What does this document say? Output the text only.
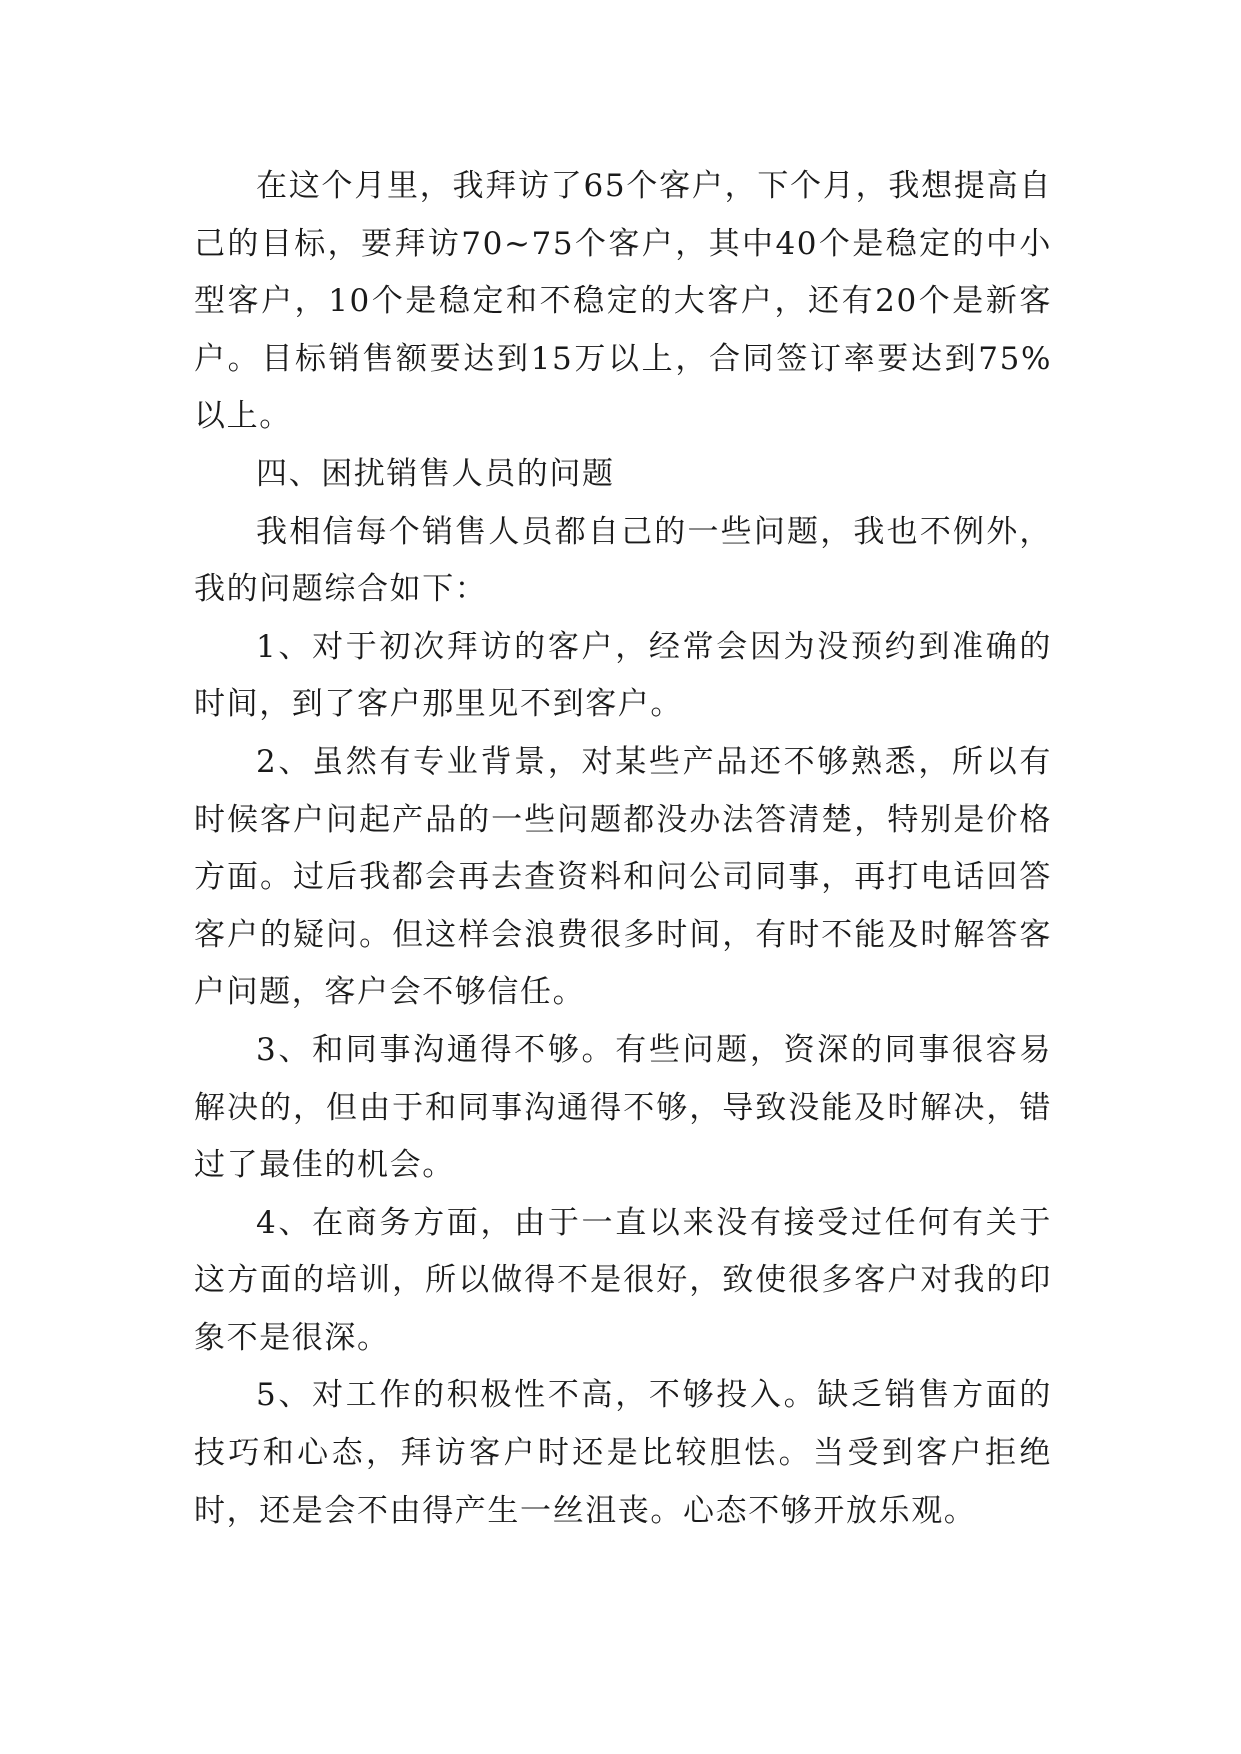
在这个月里，我拜访了65个客户，下个月，我想提高自己的目标，要拜访70~75个客户，其中40个是稳定的中小型客户，10个是稳定和不稳定的大客户，还有20个是新客户。目标销售额要达到15万以上，合同签订率要达到75%以上。

四、困扰销售人员的问题

我相信每个销售人员都自己的一些问题，我也不例外，我的问题综合如下：

1、对于初次拜访的客户，经常会因为没预约到准确的时间，到了客户那里见不到客户。

2、虽然有专业背景，对某些产品还不够熟悉，所以有时候客户问起产品的一些问题都没办法答清楚，特别是价格方面。过后我都会再去查资料和问公司同事，再打电话回答客户的疑问。但这样会浪费很多时间，有时不能及时解答客户问题，客户会不够信任。

3、和同事沟通得不够。有些问题，资深的同事很容易解决的，但由于和同事沟通得不够，导致没能及时解决，错过了最佳的机会。

4、在商务方面，由于一直以来没有接受过任何有关于这方面的培训，所以做得不是很好，致使很多客户对我的印象不是很深。

5、对工作的积极性不高，不够投入。缺乏销售方面的技巧和心态，拜访客户时还是比较胆怯。当受到客户拒绝时，还是会不由得产生一丝沮丧。心态不够开放乐观。
